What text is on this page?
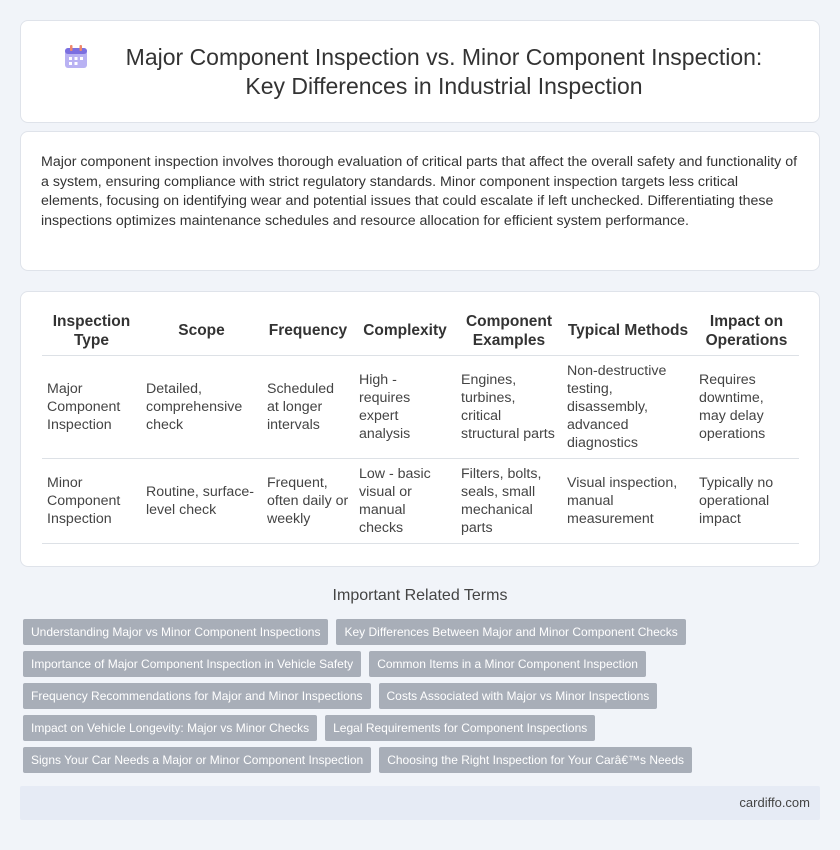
Major Component Inspection vs. Minor Component Inspection: Key Differences in Industrial Inspection

Major component inspection involves thorough evaluation of critical parts that affect the overall safety and functionality of a system, ensuring compliance with strict regulatory standards. Minor component inspection targets less critical elements, focusing on identifying wear and potential issues that could escalate if left unchecked. Differentiating these inspections optimizes maintenance schedules and resource allocation for efficient system performance.

Inspection Type	Scope	Frequency	Complexity	Component Examples	Typical Methods	Impact on Operations
Major Component Inspection	Detailed, comprehensive check	Scheduled at longer intervals	High - requires expert analysis	Engines, turbines, critical structural parts	Non-destructive testing, disassembly, advanced diagnostics	Requires downtime, may delay operations
Minor Component Inspection	Routine, surface-level check	Frequent, often daily or weekly	Low - basic visual or manual checks	Filters, bolts, seals, small mechanical parts	Visual inspection, manual measurement	Typically no operational impact
Important Related Terms
Understanding Major vs Minor Component Inspections	Key Differences Between Major and Minor Component Checks
Importance of Major Component Inspection in Vehicle Safety	Common Items in a Minor Component Inspection
Frequency Recommendations for Major and Minor Inspections	Costs Associated with Major vs Minor Inspections
Impact on Vehicle Longevity: Major vs Minor Checks	Legal Requirements for Component Inspections
Signs Your Car Needs a Major or Minor Component Inspection	Choosing the Right Inspection for Your Carâ€™s Needs
cardiffo.com
